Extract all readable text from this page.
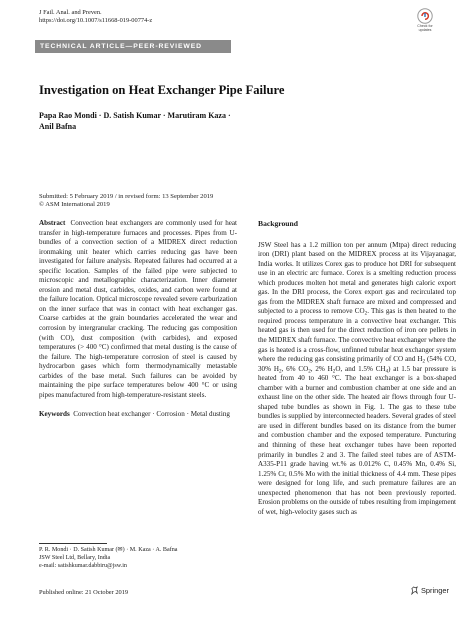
J Fail. Anal. and Preven.
https://doi.org/10.1007/s11668-019-00774-z
Check for
updates
TECHNICAL ARTICLE—PEER-REVIEWED
Investigation on Heat Exchanger Pipe Failure
Papa Rao Mondi · D. Satish Kumar · Marutiram Kaza ·
Anil Bafna
Submitted: 5 February 2019 / in revised form: 13 September 2019
© ASM International 2019

Abstract Convection heat exchangers are commonly used for heat transfer in high-temperature furnaces and processes. Pipes from U-bundles of a convection section of a MIDREX direct reduction ironmaking unit heater which carries reducing gas have been investigated for failure analysis. Repeated failures had occurred at a specific location. Samples of the failed pipe were subjected to microscopic and metallographic characterization. Inner diameter erosion and metal dust, carbides, oxides, and carbon were found at the failure location. Optical microscope revealed severe carburization on the inner surface that was in contact with heat exchanger gas. Coarse carbides at the grain boundaries accelerated the wear and corrosion by intergranular cracking. The reducing gas composition (with CO), dust composition (with carbides), and exposed temperatures (> 400 °C) confirmed that metal dusting is the cause of the failure. The high-temperature corrosion of steel is caused by hydrocarbon gases which form thermodynamically metastable carbides of the base metal. Such failures can be avoided by maintaining the pipe surface temperatures below 400 °C or using pipes manufactured from high-temperature-resistant steels.

Keywords Convection heat exchanger · Corrosion · Metal dusting

Background

JSW Steel has a 1.2 million ton per annum (Mtpa) direct reducing iron (DRI) plant based on the MIDREX process at its Vijayanagar, India works. It utilizes Corex gas to produce hot DRI for subsequent use in an electric arc furnace. Corex is a smelting reduction process which produces molten hot metal and generates high caloric export gas. In the DRI process, the Corex export gas and recirculated top gas from the MIDREX shaft furnace are mixed and compressed and subjected to a process to remove $CO_2$. This gas is then heated to the required process temperature in a convective heat exchanger. This heated gas is then used for the direct reduction of iron ore pellets in the MIDREX shaft furnace. The convective heat exchanger where the gas is heated is a cross-flow, unfinned tubular heat exchanger system where the reducing gas consisting primarily of CO and $H_2$ (54% CO, 30% $H_2$, 6% $CO_2$, 2% $H_2O$, and 1.5% $CH_4$) at 1.5 bar pressure is heated from 40 to 460 °C. The heat exchanger is a box-shaped chamber with a burner and combustion chamber at one side and an exhaust line on the other side. The heated air flows through four U-shaped tube bundles as shown in Fig. 1. The gas to these tube bundles is supplied by interconnected headers. Several grades of steel are used in different bundles based on its distance from the burner and combustion chamber and the exposed temperature. Puncturing and thinning of these heat exchanger tubes have been reported primarily in bundles 2 and 3. The failed steel tubes are of ASTM-A335-P11 grade having wt.% as 0.012% C, 0.45% Mn, 0.4% Si, 1.25% Cr, 0.5% Mo with the initial thickness of 4.4 mm. These pipes were designed for long life, and such premature failures are an unexpected phenomenon that has not been previously reported. Erosion problems on the outside of tubes resulting from impingement of wet, high-velocity gases such as

P. R. Mondi · D. Satish Kumar (✉) · M. Kaza · A. Bafna
JSW Steel Ltd, Bellary, India
e-mail: satishkumar.dabbiru@jsw.in
Published online: 21 October 2019	Springer
